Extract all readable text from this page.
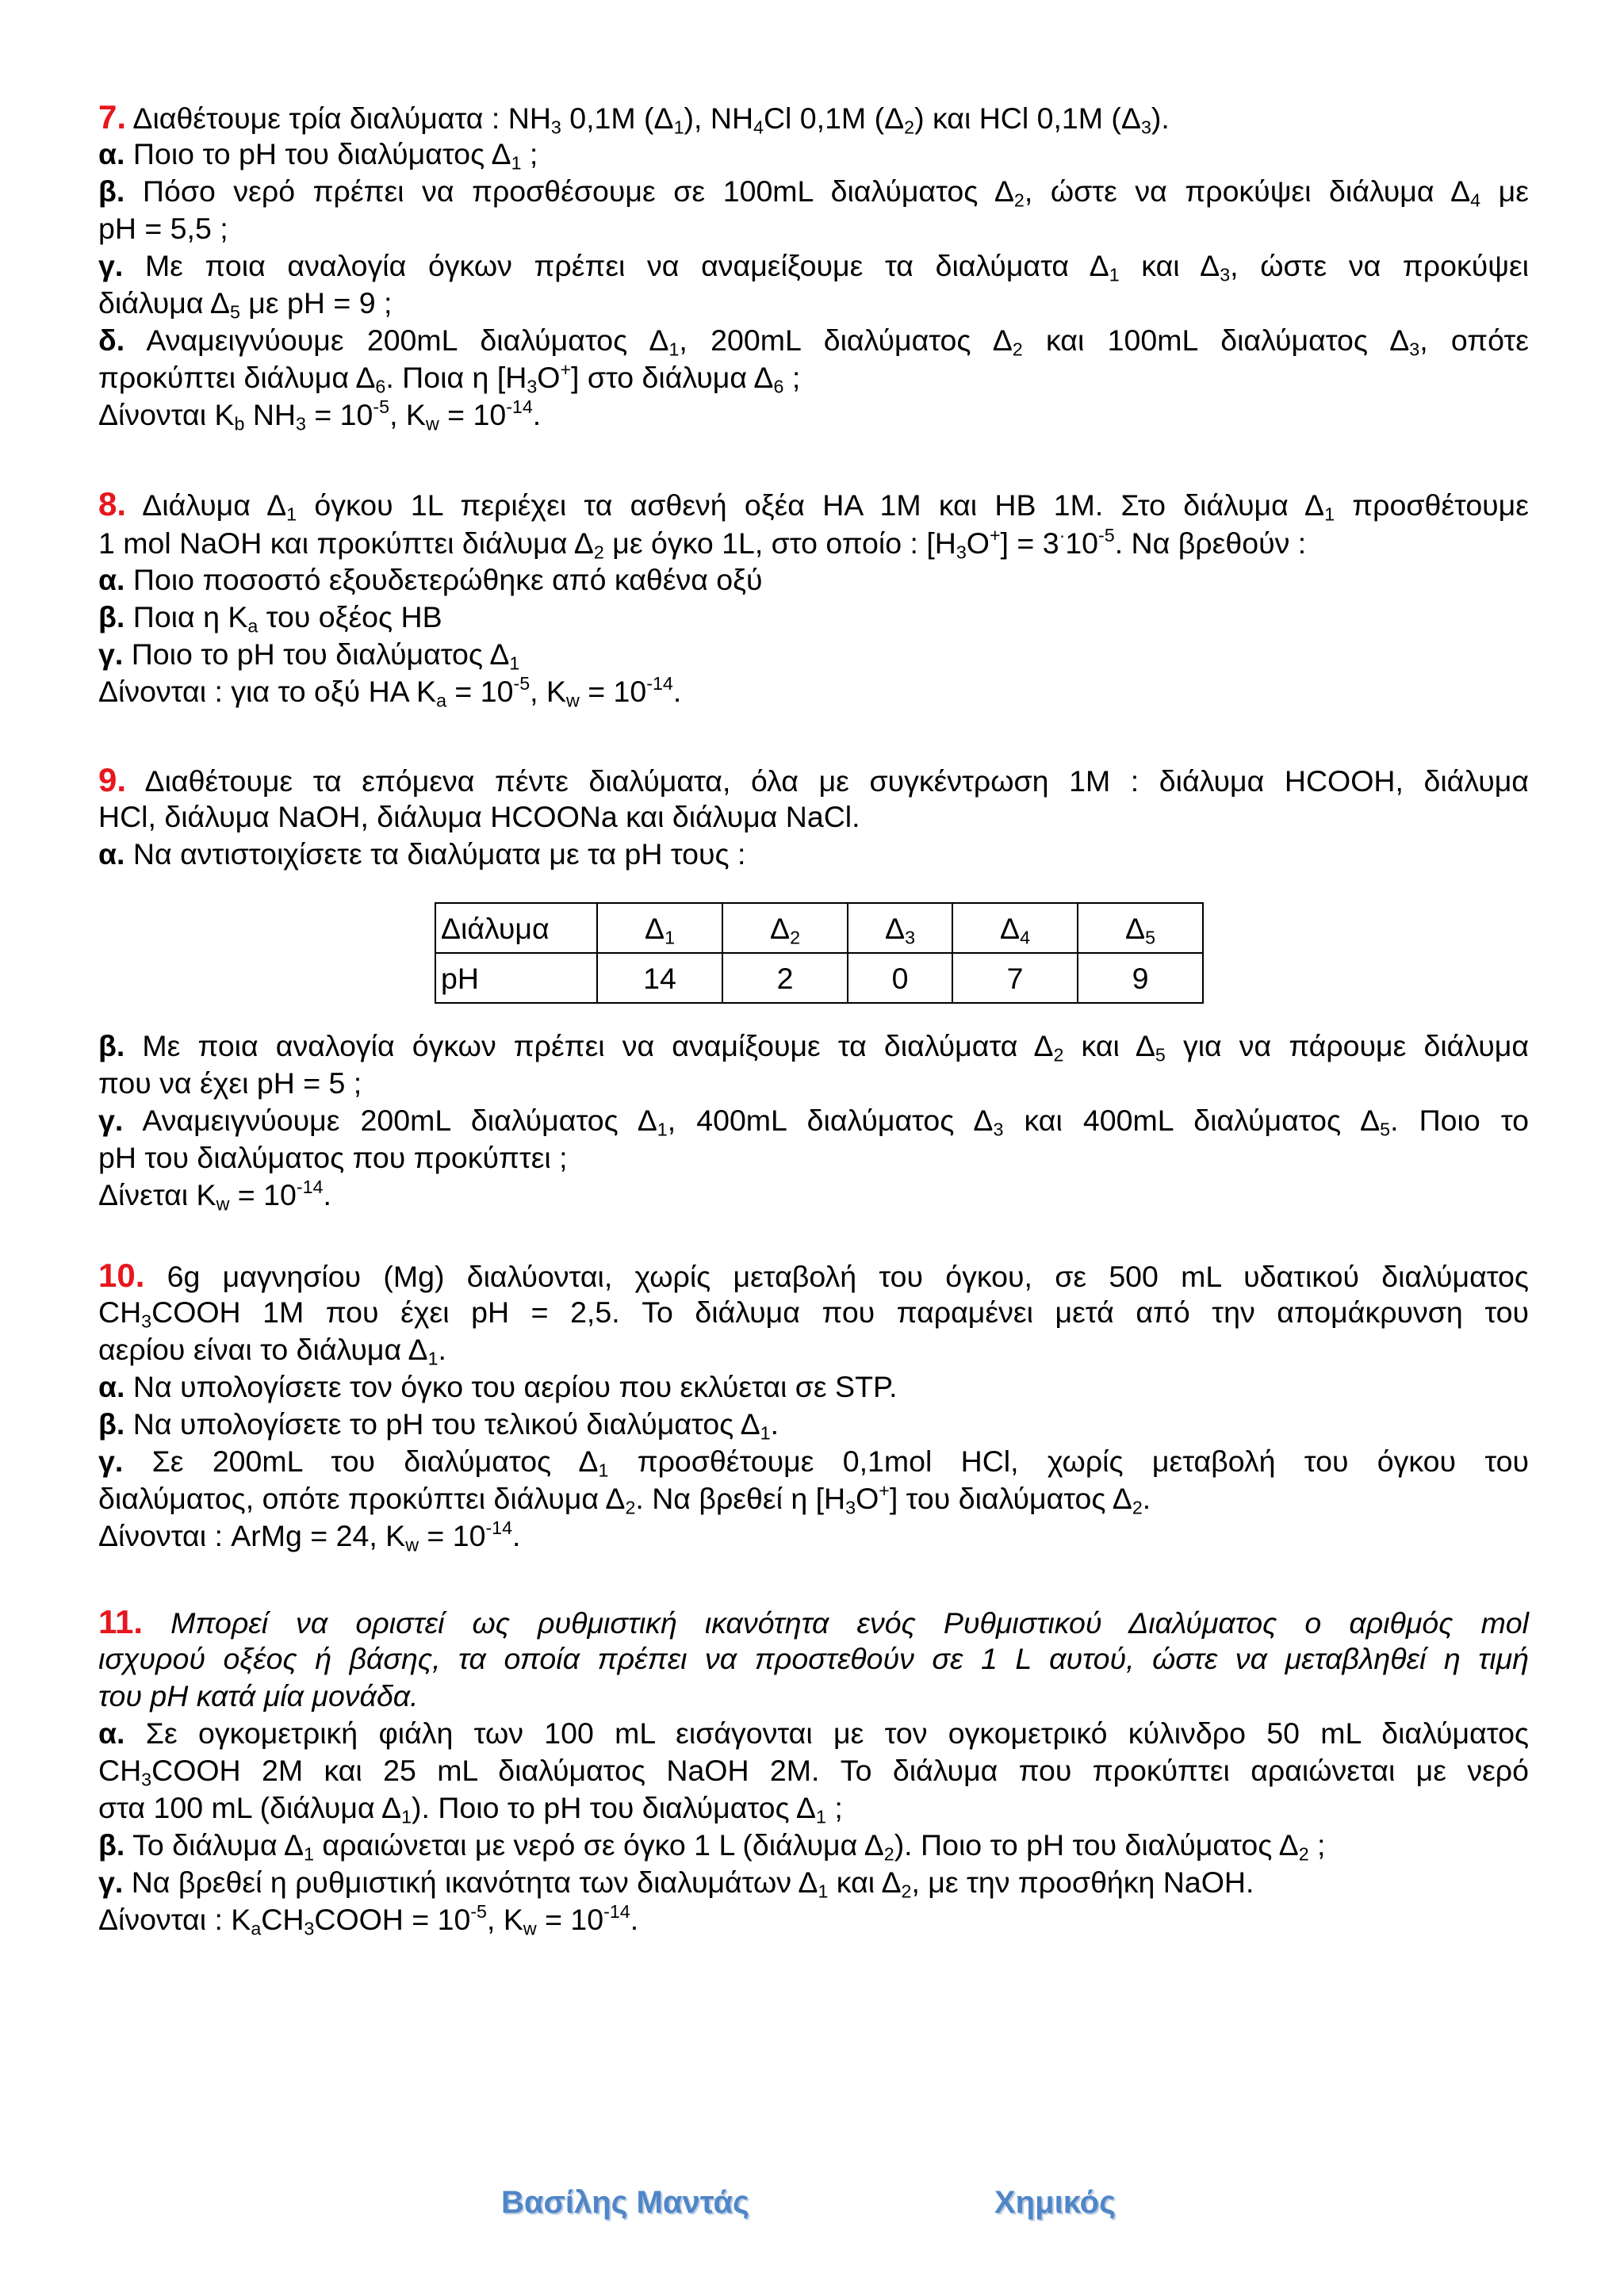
7. Διαθέτουμε τρία διαλύματα : $NH_3$ 0,1M $(\Delta_1)$, $NH_4Cl$ 0,1M $(\Delta_2)$ και HCl 0,1M $(\Delta_3)$.
α. Ποιο το pH του διαλύματος $\Delta_1$ ;
β. Πόσο νερό πρέπει να προσθέσουμε σε 100mL διαλύματος $\Delta_2$, ώστε να προκύψει διάλυμα $\Delta_4$ με
pH = 5,5 ;
γ. Με ποια αναλογία όγκων πρέπει να αναμείξουμε τα διαλύματα $\Delta_1$ και $\Delta_3$, ώστε να προκύψει
διάλυμα $\Delta_5$ με pH = 9 ;
δ. Αναμειγνύουμε 200mL διαλύματος $\Delta_1$, 200mL διαλύματος $\Delta_2$ και 100mL διαλύματος $\Delta_3$, οπότε
προκύπτει διάλυμα $\Delta_6$. Ποια η $[H_3O^+]$ στο διάλυμα $\Delta_6$ ;
Δίνονται $K_b$ $NH_3 = 10^{-5}$, $K_w = 10^{-14}$.
8. Διάλυμα $\Delta_1$ όγκου 1L περιέχει τα ασθενή οξέα HA 1M και HB 1M. Στο διάλυμα $\Delta_1$ προσθέτουμε
1 mol NaOH και προκύπτει διάλυμα $\Delta_2$ με όγκο 1L, στο οποίο : $[H_3O^+] = 3^\cdot 10^{-5}$. Να βρεθούν :
α. Ποιο ποσοστό εξουδετερώθηκε από καθένα οξύ
β. Ποια η $K_a$ του οξέος HB
γ. Ποιο το pH του διαλύματος $\Delta_1$
Δίνονται : για το οξύ HA $K_a = 10^{-5}$, $K_w = 10^{-14}$.
9. Διαθέτουμε τα επόμενα πέντε διαλύματα, όλα με συγκέντρωση 1M : διάλυμα HCOOH, διάλυμα
HCl, διάλυμα NaOH, διάλυμα HCOONa και διάλυμα NaCl.
α. Να αντιστοιχίσετε τα διαλύματα με τα pH τους :
Διάλυμα	$\Delta_1$	$\Delta_2$	$\Delta_3$	$\Delta_4$	$\Delta_5$
pH	14	2	0	7	9
β. Με ποια αναλογία όγκων πρέπει να αναμίξουμε τα διαλύματα $\Delta_2$ και $\Delta_5$ για να πάρουμε διάλυμα
που να έχει pH = 5 ;
γ. Αναμειγνύουμε 200mL διαλύματος $\Delta_1$, 400mL διαλύματος $\Delta_3$ και 400mL διαλύματος $\Delta_5$. Ποιο το
pH του διαλύματος που προκύπτει ;
Δίνεται $K_w = 10^{-14}$.
10. 6g μαγνησίου (Mg) διαλύονται, χωρίς μεταβολή του όγκου, σε 500 mL υδατικού διαλύματος
$CH_3COOH$ 1M που έχει pH = 2,5. Το διάλυμα που παραμένει μετά από την απομάκρυνση του
αερίου είναι το διάλυμα $\Delta_1$.
α. Να υπολογίσετε τον όγκο του αερίου που εκλύεται σε STP.
β. Να υπολογίσετε το pH του τελικού διαλύματος $\Delta_1$.
γ. Σε 200mL του διαλύματος $\Delta_1$ προσθέτουμε 0,1mol HCl, χωρίς μεταβολή του όγκου του
διαλύματος, οπότε προκύπτει διάλυμα $\Delta_2$. Να βρεθεί η $[H_3O^+]$ του διαλύματος $\Delta_2$.
Δίνονται : ArMg = 24, $K_w = 10^{-14}$.
11. Μπορεί να οριστεί ως ρυθμιστική ικανότητα ενός Ρυθμιστικού Διαλύματος ο αριθμός mol
ισχυρού οξέος ή βάσης, τα οποία πρέπει να προστεθούν σε 1 L αυτού, ώστε να μεταβληθεί η τιμή
του pH κατά μία μονάδα.
α. Σε ογκομετρική φιάλη των 100 mL εισάγονται με τον ογκομετρικό κύλινδρο 50 mL διαλύματος
$CH_3COOH$ 2M και 25 mL διαλύματος NaOH 2M. Το διάλυμα που προκύπτει αραιώνεται με νερό
στα 100 mL (διάλυμα $\Delta_1$). Ποιο το pH του διαλύματος $\Delta_1$ ;
β. Το διάλυμα $\Delta_1$ αραιώνεται με νερό σε όγκο 1 L (διάλυμα $\Delta_2$). Ποιο το pH του διαλύματος $\Delta_2$ ;
γ. Να βρεθεί η ρυθμιστική ικανότητα των διαλυμάτων $\Delta_1$ και $\Delta_2$, με την προσθήκη NaOH.
Δίνονται : $K_aCH_3COOH = 10^{-5}$, $K_w = 10^{-14}$.
Βασίλης Μαντάς	Χημικός
